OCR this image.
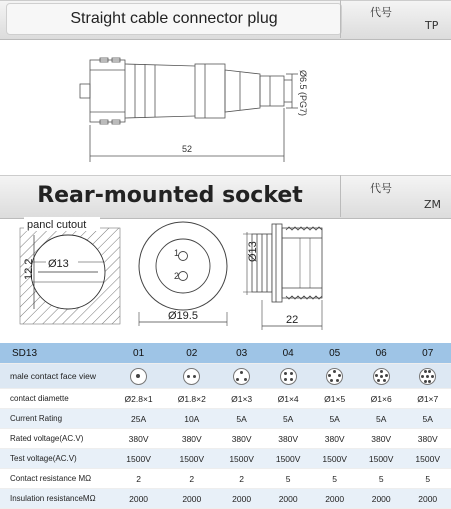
Straight cable connector plug	代号
TP
Rear-mounted socket	代号
ZM
52
Ø6.5 (PG7)
pancl cutout
Ø13
12.2
1
2
Ø19.5
Ø13
22
SD13	01	02	03	04	05	06	07
male contact face view	

contact diamette	Ø2.8×1	Ø1.8×2	Ø1×3	Ø1×4	Ø1×5	Ø1×6	Ø1×7
Current Rating	25A	10A	5A	5A	5A	5A	5A
Rated voltage(AC.V)	380V	380V	380V	380V	380V	380V	380V
Test voltage(AC.V)	1500V	1500V	1500V	1500V	1500V	1500V	1500V
Contact resistance MΩ	2	2	2	5	5	5	5
Insulation resistanceMΩ	2000	2000	2000	2000	2000	2000	2000
